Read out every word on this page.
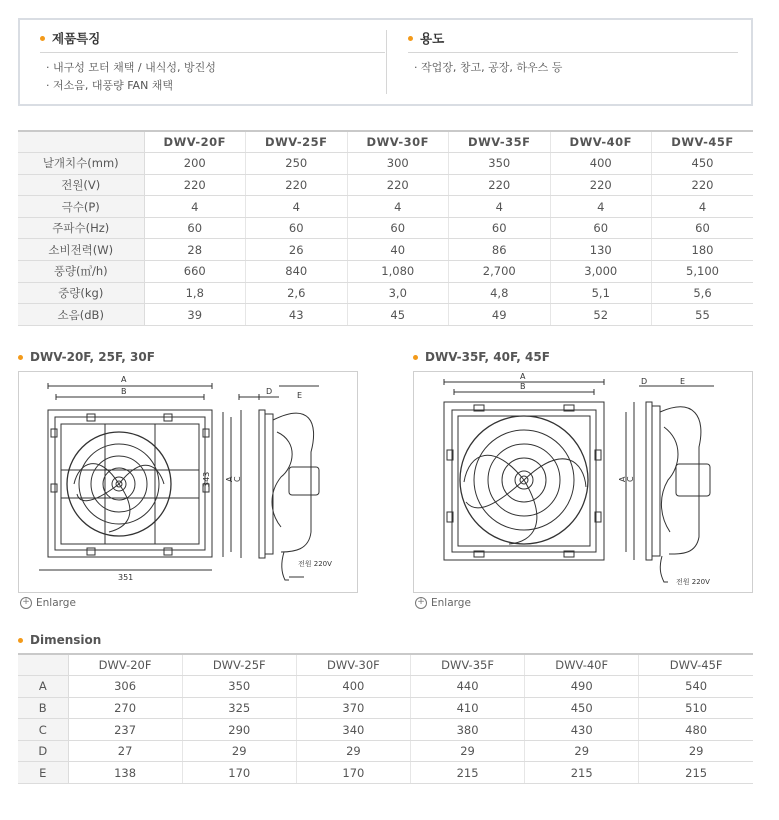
제품특징
· 내구성 모터 채택 / 내식성, 방진성
· 저소음, 대풍량 FAN 채택
용도
· 작업장, 창고, 공장, 하우스 등
	DWV-20F	DWV-25F	DWV-30F	DWV-35F	DWV-40F	DWV-45F
날개치수(mm)	200	250	300	350	400	450
전원(V)	220	220	220	220	220	220
극수(P)	4	4	4	4	4	4
주파수(Hz)	60	60	60	60	60	60
소비전력(W)	28	26	40	86	130	180
풍량(㎥/h)	660	840	1,080	2,700	3,000	5,100
중량(kg)	1,8	2,6	3,0	4,8	5,1	5,6
소음(dB)	39	43	45	49	52	55
DWV-20F, 25F, 30F
A
B
351
343 A C
D	E
전원 220V
+ Enlarge
DWV-35F, 40F, 45F
A
B
A C
D	E
전원 220V
+ Enlarge
Dimension
	DWV-20F	DWV-25F	DWV-30F	DWV-35F	DWV-40F	DWV-45F
A	306	350	400	440	490	540
B	270	325	370	410	450	510
C	237	290	340	380	430	480
D	27	29	29	29	29	29
E	138	170	170	215	215	215
